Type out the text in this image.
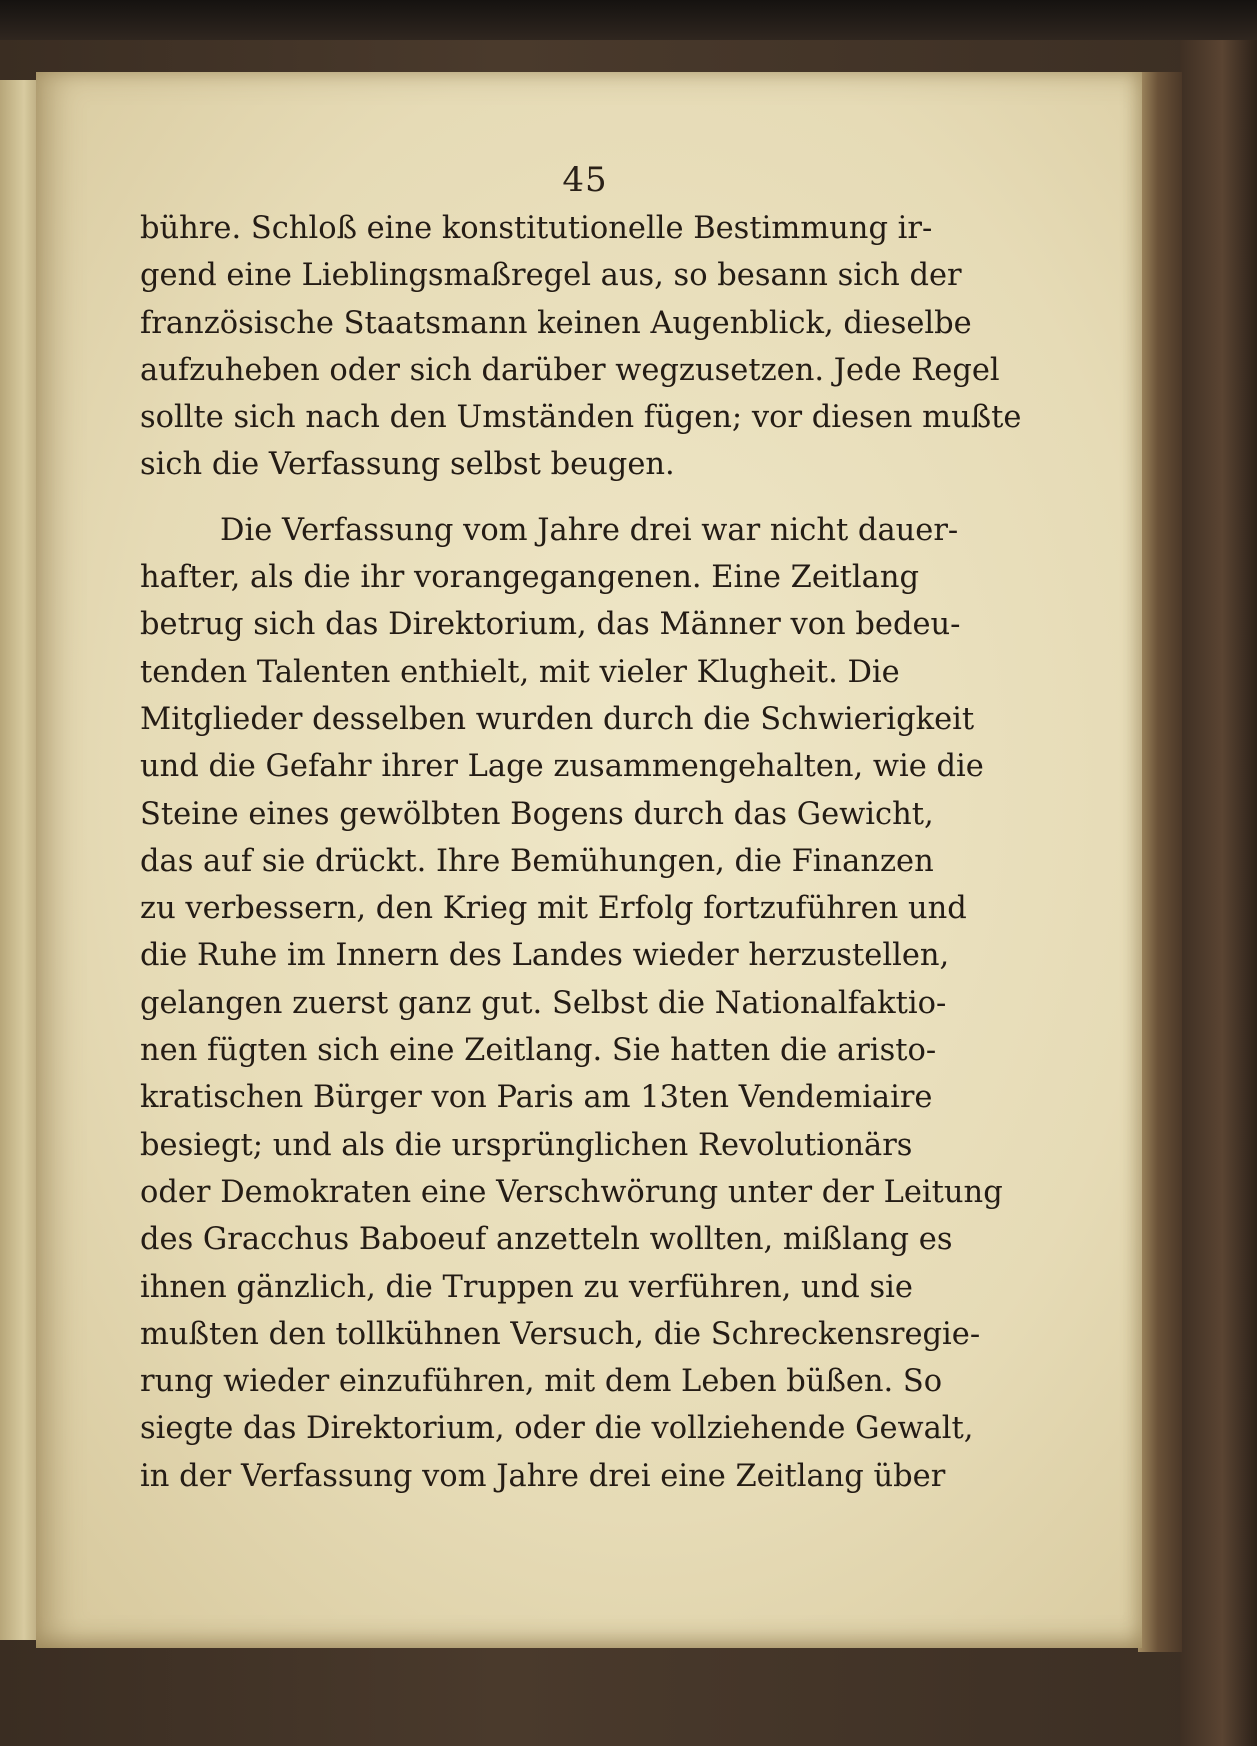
45

bühre. Schloß eine konstitutionelle Bestimmung ir-
gend eine Lieblingsmaßregel aus, so besann sich der
französische Staatsmann keinen Augenblick, dieselbe
aufzuheben oder sich darüber wegzusetzen. Jede Regel
sollte sich nach den Umständen fügen; vor diesen mußte
sich die Verfassung selbst beugen.

Die Verfassung vom Jahre drei war nicht dauer-
hafter, als die ihr vorangegangenen. Eine Zeitlang
betrug sich das Direktorium, das Männer von bedeu-
tenden Talenten enthielt, mit vieler Klugheit. Die
Mitglieder desselben wurden durch die Schwierigkeit
und die Gefahr ihrer Lage zusammengehalten, wie die
Steine eines gewölbten Bogens durch das Gewicht,
das auf sie drückt. Ihre Bemühungen, die Finanzen
zu verbessern, den Krieg mit Erfolg fortzuführen und
die Ruhe im Innern des Landes wieder herzustellen,
gelangen zuerst ganz gut. Selbst die Nationalfaktio-
nen fügten sich eine Zeitlang. Sie hatten die aristo-
kratischen Bürger von Paris am 13ten Vendemiaire
besiegt; und als die ursprünglichen Revolutionärs
oder Demokraten eine Verschwörung unter der Leitung
des Gracchus Baboeuf anzetteln wollten, mißlang es
ihnen gänzlich, die Truppen zu verführen, und sie
mußten den tollkühnen Versuch, die Schreckensregie-
rung wieder einzuführen, mit dem Leben büßen. So
siegte das Direktorium, oder die vollziehende Gewalt,
in der Verfassung vom Jahre drei eine Zeitlang über
